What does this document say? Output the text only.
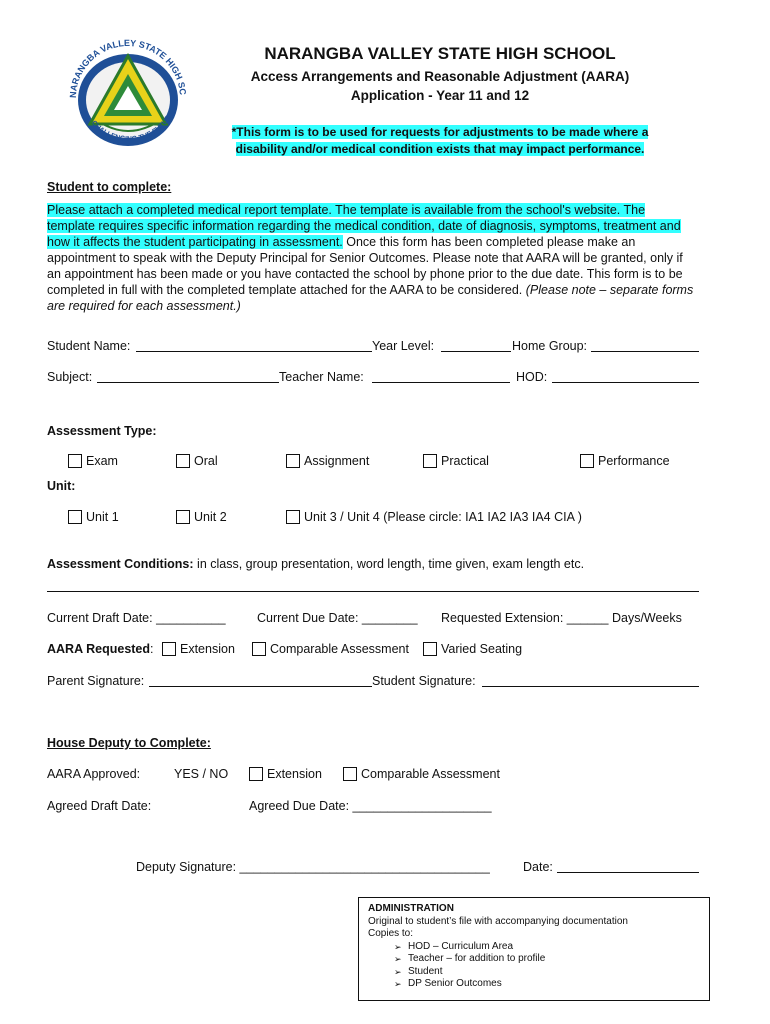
NARANGBA VALLEY STATE HIGH SC
CHALLENGING THE FUTUR
NARANGBA VALLEY STATE HIGH SCHOOL
Access Arrangements and Reasonable Adjustment (AARA)
Application - Year 11 and 12
*This form is to be used for requests for adjustments to be made where a
disability and/or medical condition exists that may impact performance.
Student to complete:
Please attach a completed medical report template. The template is available from the school's website. The
template requires specific information regarding the medical condition, date of diagnosis, symptoms, treatment and
how it affects the student participating in assessment. Once this form has been completed please make an
appointment to speak with the Deputy Principal for Senior Outcomes. Please note that AARA will be granted, only if
an appointment has been made or you have contacted the school by phone prior to the due date. This form is to be
completed in full with the completed template attached for the AARA to be considered. (Please note – separate forms
are required for each assessment.)
Student Name:	Year Level:	Home Group:
Subject:	Teacher Name:	HOD:
Assessment Type:
Exam	Oral	Assignment	Practical	Performance
Unit:
Unit 1	Unit 2	Unit 3 / Unit 4 (Please circle: IA1 IA2 IA3 IA4 CIA )
Assessment Conditions: in class, group presentation, word length, time given, exam length etc.
Current Draft Date: __________	Current Due Date: ________ Requested Extension: ______ Days/Weeks
AARA Requested: Extension	Comparable Assessment	Varied Seating
Parent Signature:	Student Signature:
House Deputy to Complete:
AARA Approved:	YES / NO	Extension	Comparable Assessment
Agreed Draft Date:	Agreed Due Date: ____________________
Deputy Signature: ____________________________________	Date:
ADMINISTRATION
Original to student’s file with accompanying documentation
Copies to:
➢ HOD – Curriculum Area
➢ Teacher – for addition to profile
➢ Student
➢ DP Senior Outcomes
